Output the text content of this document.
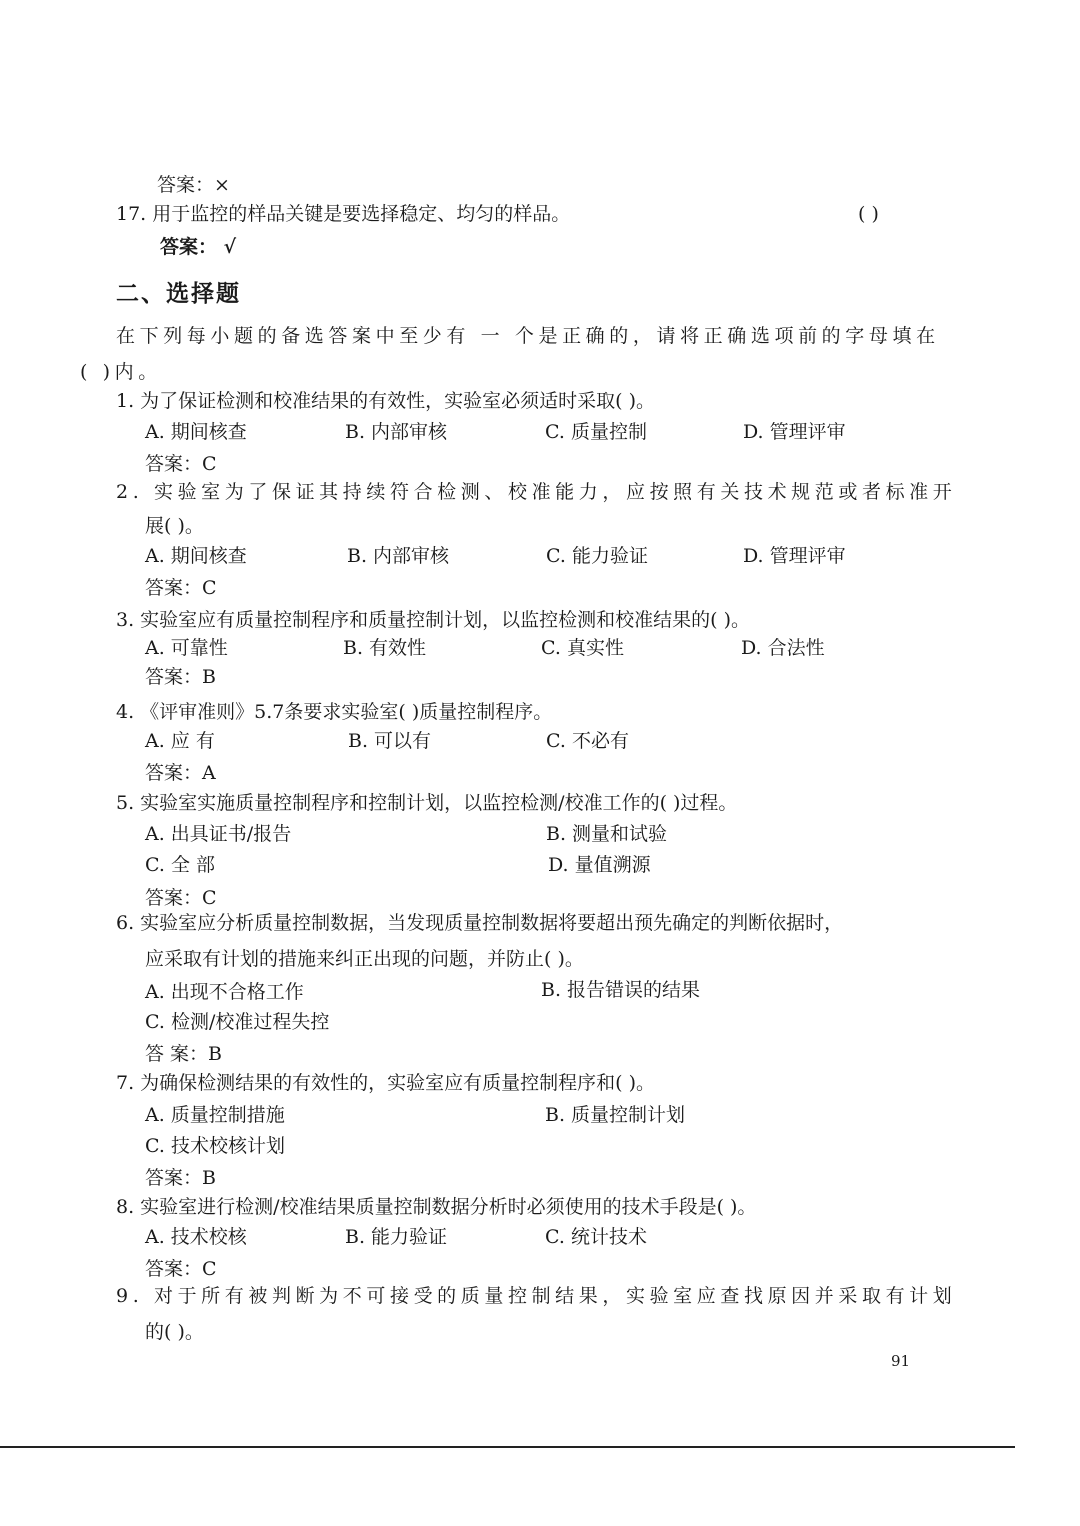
答案：×
17. 用于监控的样品关键是要选择稳定、均匀的样品。	( )
答案： √
二、选择题
在下列每小题的备选答案中至少有 一 个是正确的，请将正确选项前的字母填在
( )内。
1. 为了保证检测和校准结果的有效性，实验室必须适时采取( )。
A. 期间核查	B. 内部审核	C. 质量控制	D. 管理评审
答案：C
2. 实验室为了保证其持续符合检测、校准能力，应按照有关技术规范或者标准开
展( )。
A. 期间核查	B. 内部审核	C. 能力验证	D. 管理评审
答案：C
3. 实验室应有质量控制程序和质量控制计划，以监控检测和校准结果的( )。
A. 可靠性	B. 有效性	C. 真实性	D. 合法性
答案：B
4. 《评审准则》5.7条要求实验室( )质量控制程序。
A. 应 有	B. 可以有	C. 不必有
答案：A
5. 实验室实施质量控制程序和控制计划，以监控检测/校准工作的( )过程。
A. 出具证书/报告	B. 测量和试验
C. 全 部	D. 量值溯源
答案：C
6. 实验室应分析质量控制数据，当发现质量控制数据将要超出预先确定的判断依据时，
应采取有计划的措施来纠正出现的问题，并防止( )。
A. 出现不合格工作	B. 报告错误的结果
C. 检测/校准过程失控
答 案：B
7. 为确保检测结果的有效性的，实验室应有质量控制程序和( )。
A. 质量控制措施	B. 质量控制计划
C. 技术校核计划
答案：B
8. 实验室进行检测/校准结果质量控制数据分析时必须使用的技术手段是( )。
A. 技术校核	B. 能力验证	C. 统计技术
答案：C
9. 对于所有被判断为不可接受的质量控制结果，实验室应查找原因并采取有计划
的( )。
91
